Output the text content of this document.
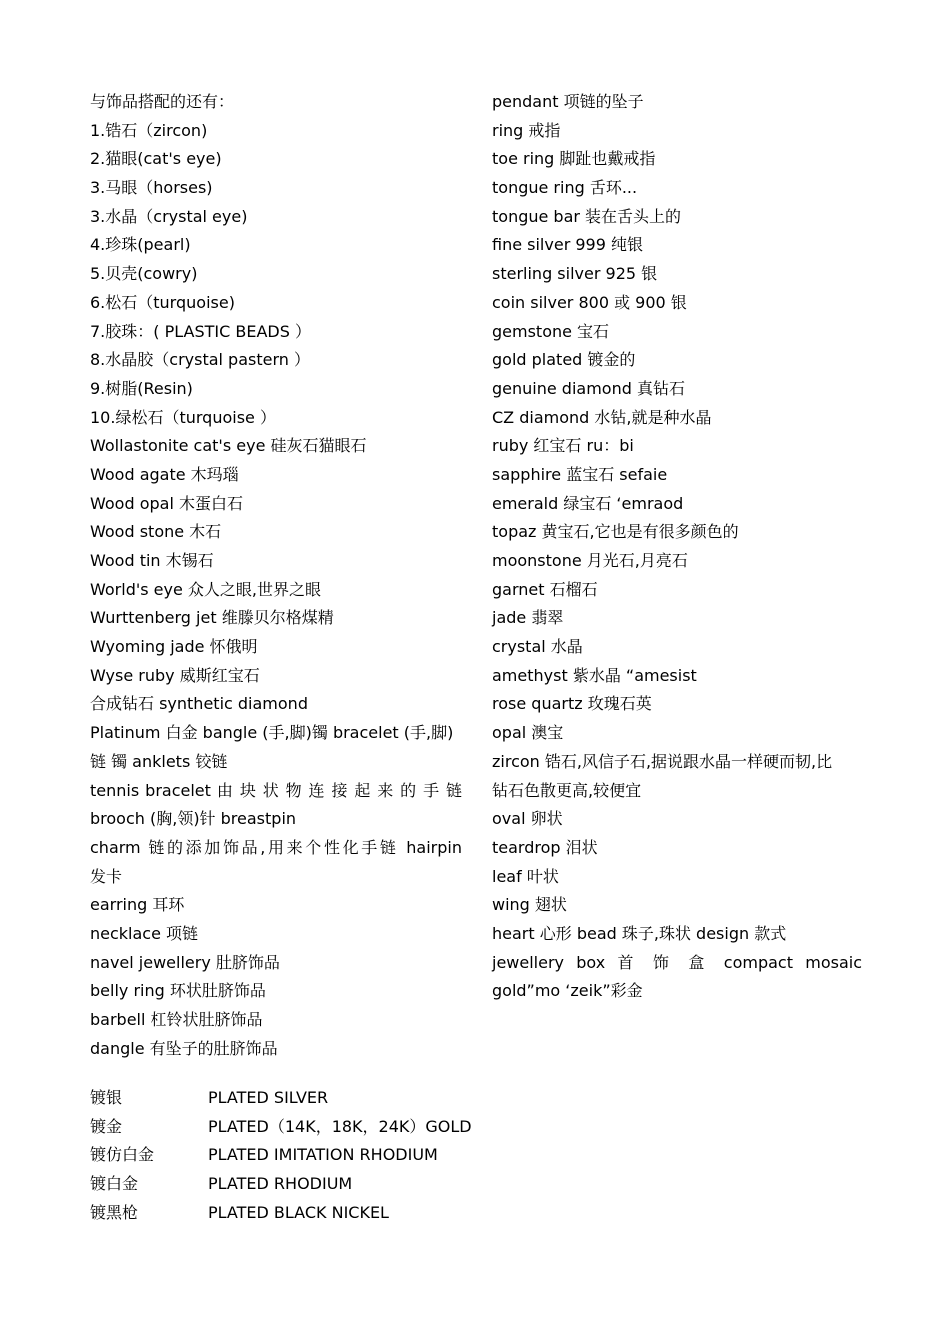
与饰品搭配的还有：
1.锆石（zircon)
2.猫眼(cat's eye)
3.马眼（horses)
3.水晶（crystal eye)
4.珍珠(pearl)
5.贝壳(cowry)
6.松石（turquoise)
7.胶珠：( PLASTIC BEADS ）
8.水晶胶（crystal pastern ）
9.树脂(Resin)
10.绿松石（turquoise ）
Wollastonite cat's eye 硅灰石猫眼石
Wood agate 木玛瑙
Wood opal 木蛋白石
Wood stone 木石
Wood tin 木锡石
World's eye 众人之眼,世界之眼
Wurttenberg jet 维滕贝尔格煤精
Wyoming jade 怀俄明
Wyse ruby 威斯红宝石
合成钻石 synthetic diamond
Platinum 白金 bangle (手,脚)镯 bracelet (手,脚)
链 镯 anklets 铰链
tennis bracelet 由 块 状 物 连 接 起 来 的 手 链
brooch (胸,领)针 breastpin
charm 链的添加饰品,用来个性化手链 hairpin
发卡
earring 耳环
necklace 项链
navel jewellery 肚脐饰品
belly ring 环状肚脐饰品
barbell 杠铃状肚脐饰品
dangle 有坠子的肚脐饰品
pendant 项链的坠子
ring 戒指
toe ring 脚趾也戴戒指
tongue ring 舌环...
tongue bar 装在舌头上的
fine silver 999 纯银
sterling silver 925 银
coin silver 800 或 900 银
gemstone 宝石
gold plated 镀金的
genuine diamond 真钻石
CZ diamond 水钻,就是种水晶
ruby 红宝石 ru：bi
sapphire 蓝宝石 sefaie
emerald 绿宝石 ‘emraod
topaz 黄宝石,它也是有很多颜色的
moonstone 月光石,月亮石
garnet 石榴石
jade 翡翠
crystal 水晶
amethyst 紫水晶 “amesist
rose quartz 玫瑰石英
opal 澳宝
zircon 锆石,风信子石,据说跟水晶一样硬而韧,比
钻石色散更高,较便宜
oval 卵状
teardrop 泪状
leaf 叶状
wing 翅状
heart 心形 bead 珠子,珠状 design 款式
jewellery box 首 饰 盒 compact mosaic
gold”mo ‘zeik”彩金
镀银	PLATED SILVER
镀金	PLATED（14K，18K，24K）GOLD
镀仿白金	PLATED IMITATION RHODIUM
镀白金	PLATED RHODIUM
镀黑枪	PLATED BLACK NICKEL
